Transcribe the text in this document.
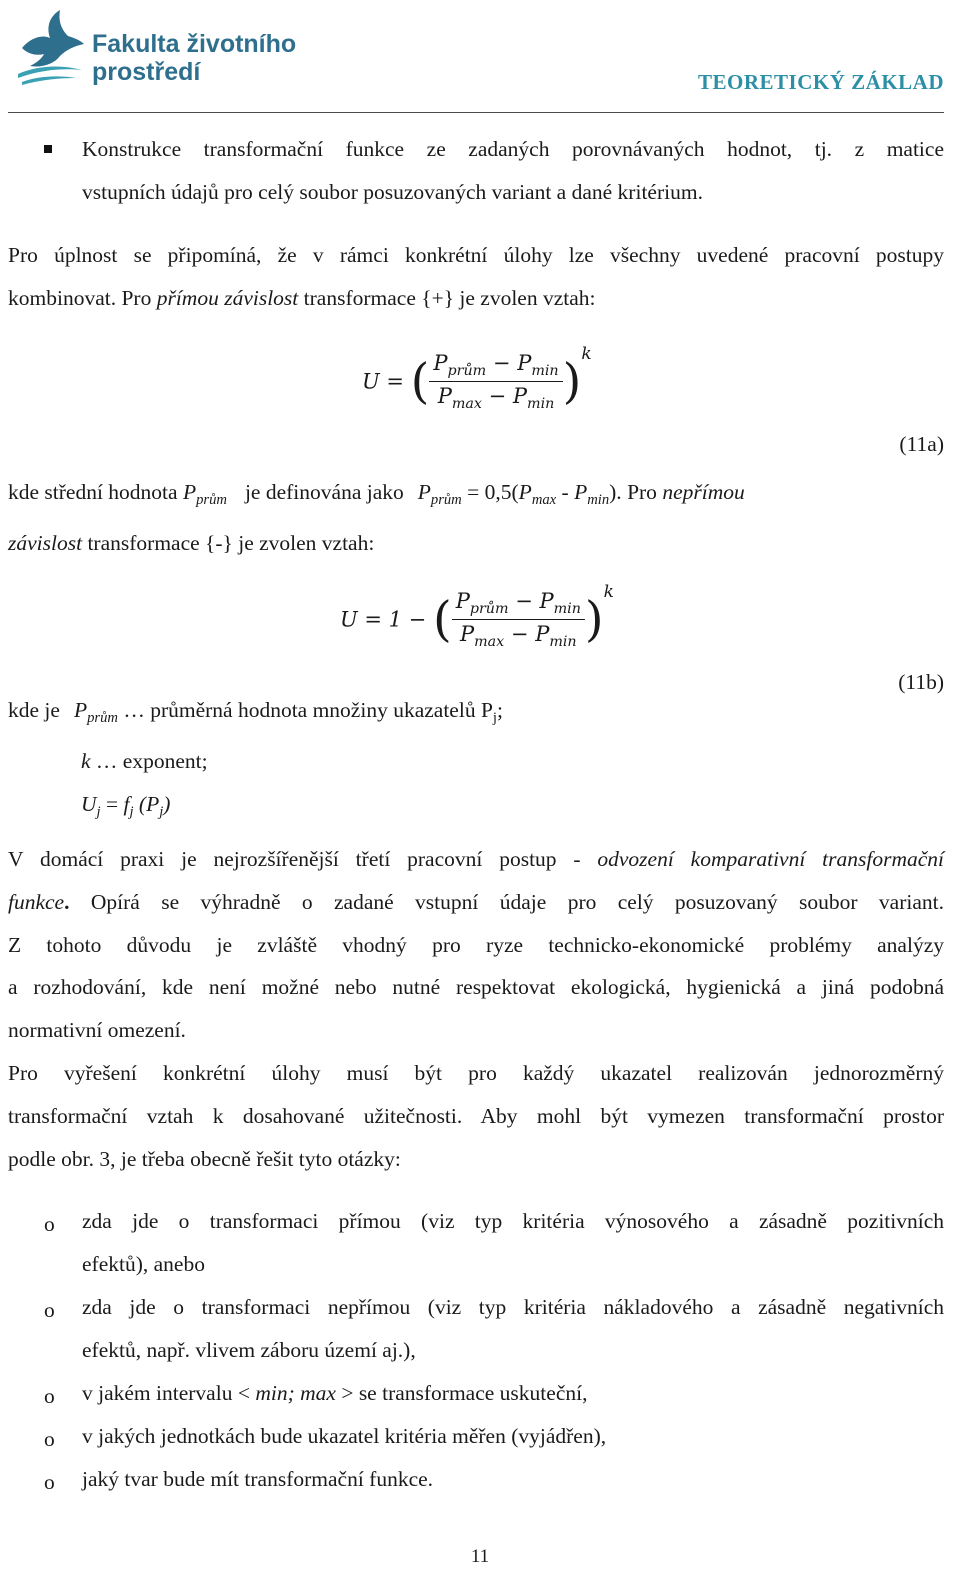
Fakulta životního
prostředí	TEORETICKÝ ZÁKLAD
Konstrukce transformační funkce ze zadaných porovnávaných hodnot, tj. z matice
vstupních údajů pro celý soubor posuzovaných variant a dané kritérium.
Pro úplnost se připomíná, že v rámci konkrétní úlohy lze všechny uvedené pracovní postupy
kombinovat. Pro přímou závislost transformace {+} je zvolen vztah:
U = ( $\frac{P_{prům} - P_{min}}{P_{max} - P_{min}} )^k$
(11a)
kde střední hodnota $P_{prům}$ je definována jako $P_{prům} = 0,5(P_{max} - P_{min})$. Pro nepřímou
závislost transformace {-} je zvolen vztah:
U = 1 − ( $\frac{P_{prům} - P_{min}}{P_{max} - P_{min}} )^k$
(11b)
kde je $P_{prům}$ … průměrná hodnota množiny ukazatelů $P_j$;
k … exponent;
$U_j = f_j$ $(P_j)$
V domácí praxi je nejrozšířenější třetí pracovní postup - odvození komparativní transformační
funkce. Opírá se výhradně o zadané vstupní údaje pro celý posuzovaný soubor variant.
Z tohoto důvodu je zvláště vhodný pro ryze technicko-ekonomické problémy analýzy
a rozhodování, kde není možné nebo nutné respektovat ekologická, hygienická a jiná podobná
normativní omezení.
Pro vyřešení konkrétní úlohy musí být pro každý ukazatel realizován jednorozměrný
transformační vztah k dosahované užitečnosti. Aby mohl být vymezen transformační prostor
podle obr. 3, je třeba obecně řešit tyto otázky:
o zda jde o transformaci přímou (viz typ kritéria výnosového a zásadně pozitivních
efektů), anebo
o zda jde o transformaci nepřímou (viz typ kritéria nákladového a zásadně negativních
efektů, např. vlivem záboru území aj.),
o v jakém intervalu < min; max > se transformace uskuteční,
o v jakých jednotkách bude ukazatel kritéria měřen (vyjádřen),
o jaký tvar bude mít transformační funkce.
11
